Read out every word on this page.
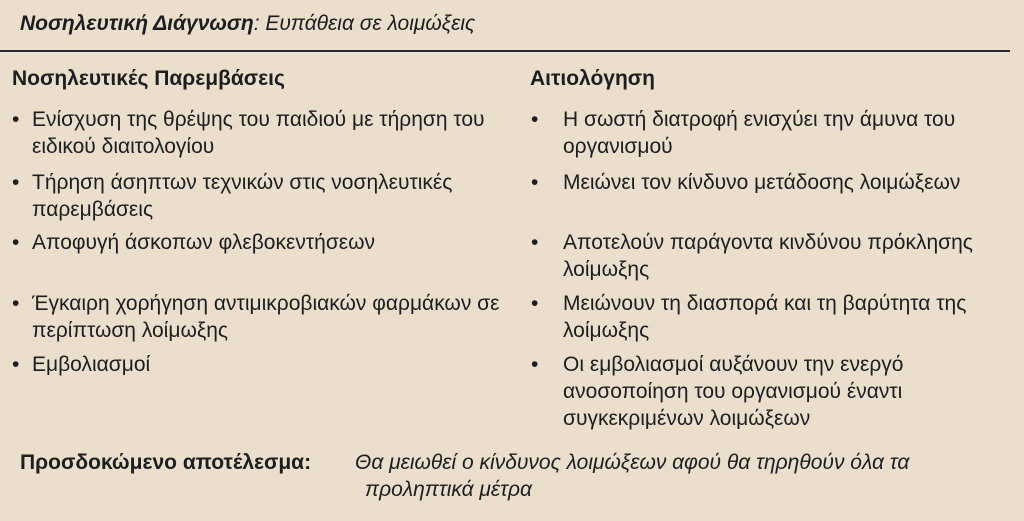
Νοσηλευτική Διάγνωση: Ευπάθεια σε λοιμώξεις
Νοσηλευτικές Παρεμβάσεις	Αιτιολόγηση
• Ενίσχυση της θρέψης του παιδιού με τήρηση του ειδικού διαιτολογίου
• Τήρηση άσηπτων τεχνικών στις νοσηλευτικές παρεμβάσεις
• Αποφυγή άσκοπων φλεβοκεντήσεων
• Έγκαιρη χορήγηση αντιμικροβιακών φαρμάκων σε περίπτωση λοίμωξης
• Εμβολιασμοί
• Η σωστή διατροφή ενισχύει την άμυνα του οργανισμού
• Μειώνει τον κίνδυνο μετάδοσης λοιμώξεων
• Αποτελούν παράγοντα κινδύνου πρόκλησης λοίμωξης
• Μειώνουν τη διασπορά και τη βαρύτητα της λοίμωξης
• Οι εμβολιασμοί αυξάνουν την ενεργό ανοσοποίηση του οργανισμού έναντι συγκεκριμένων λοιμώξεων
Προσδοκώμενο αποτέλεσμα: Θα μειωθεί ο κίνδυνος λοιμώξεων αφού θα τηρηθούν όλα τα
προληπτικά μέτρα
